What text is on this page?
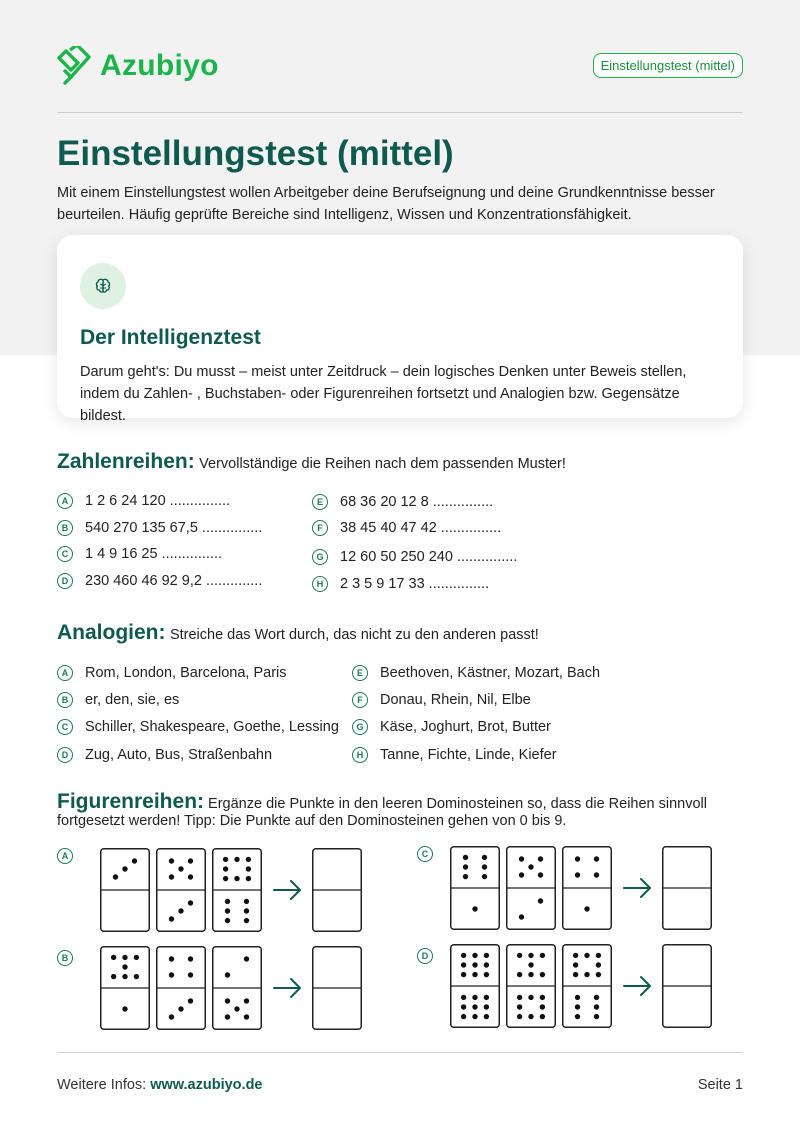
Azubiyo	Einstellungstest (mittel)
Einstellungstest (mittel)

Mit einem Einstellungstest wollen Arbeitgeber deine Berufseignung und deine Grundkenntnisse besser beurteilen. Häufig geprüfte Bereiche sind Intelligenz, Wissen und Konzentrationsfähigkeit.

Der Intelligenztest

Darum geht's: Du musst – meist unter Zeitdruck – dein logisches Denken unter Beweis stellen, indem du Zahlen- , Buchstaben- oder Figurenreihen fortsetzt und Analogien bzw. Gegensätze bildest.

Zahlenreihen: Vervollständige die Reihen nach dem passenden Muster!
A	1 2 6 24 120 ...............
B	540 270 135 67,5 ...............
C	1 4 9 16 25 ...............
D	230 460 46 92 9,2 ..............
E	68 36 20 12 8 ...............
F	38 45 40 47 42 ...............
G	12 60 50 250 240 ...............
H	2 3 5 9 17 33 ...............
Analogien: Streiche das Wort durch, das nicht zu den anderen passt!
A	Rom, London, Barcelona, Paris
B	er, den, sie, es
C	Schiller, Shakespeare, Goethe, Lessing
D	Zug, Auto, Bus, Straßenbahn
E	Beethoven, Kästner, Mozart, Bach
F	Donau, Rhein, Nil, Elbe
G	Käse, Joghurt, Brot, Butter
H	Tanne, Fichte, Linde, Kiefer
Figurenreihen: Ergänze die Punkte in den leeren Dominosteinen so, dass die Reihen sinnvoll fortgesetzt werden! Tipp: Die Punkte auf den Dominosteinen gehen von 0 bis 9.
A
B
C
D
Weitere Infos: www.azubiyo.de	Seite 1
